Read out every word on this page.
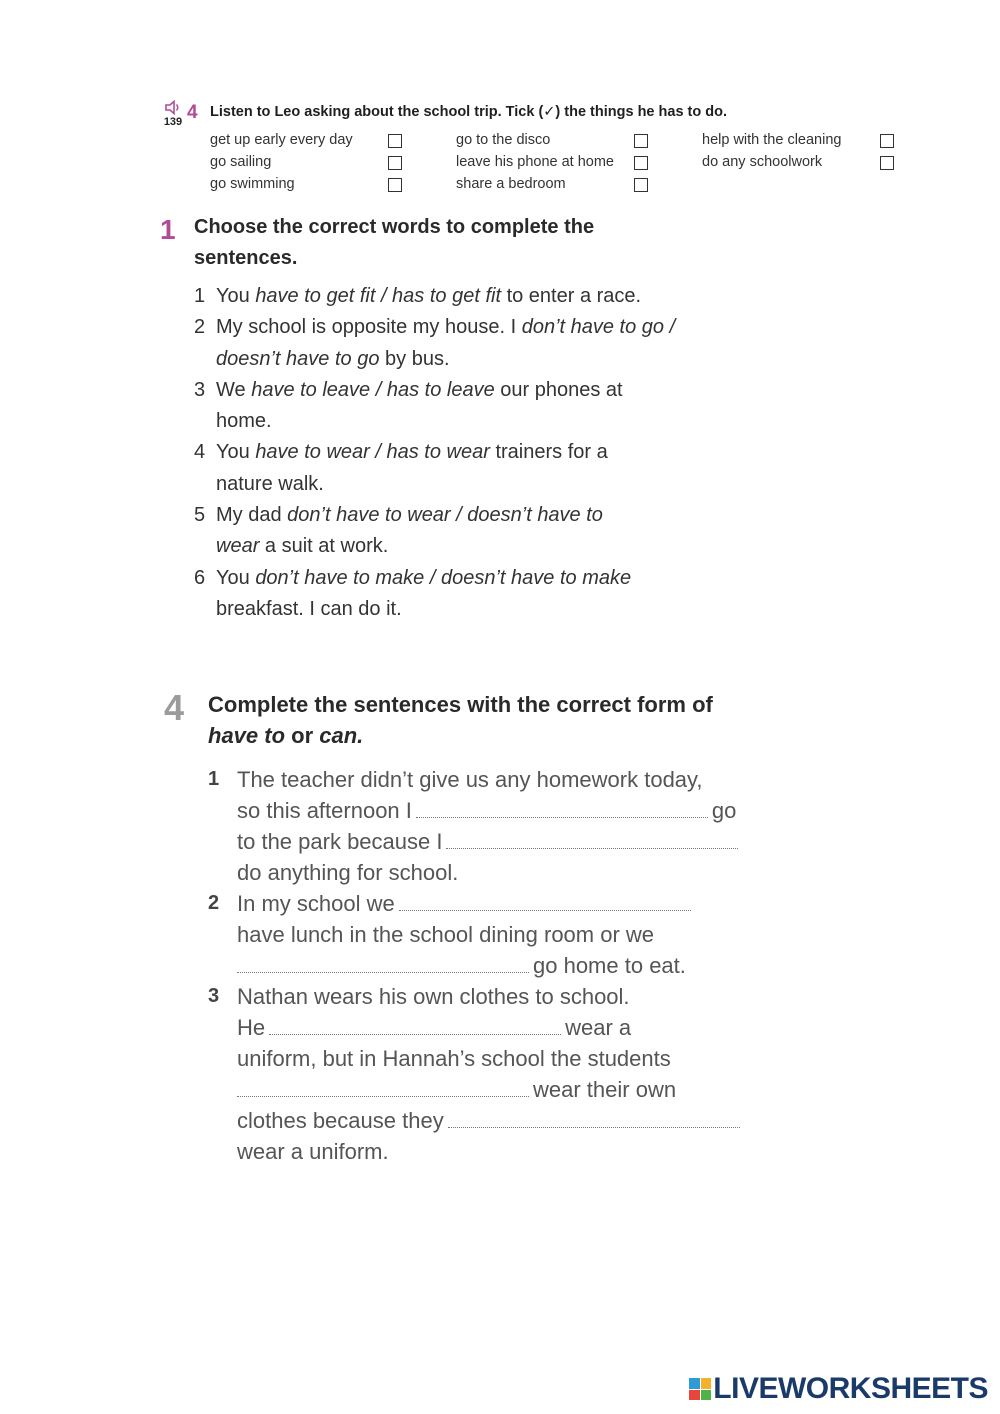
139 4 Listen to Leo asking about the school trip. Tick (✓) the things he has to do.
get up early every day	go to the disco	help with the cleaning
go sailing	leave his phone at home	do any schoolwork
go swimming	share a bedroom
1 Choose the correct words to complete the sentences.
1 You have to get fit / has to get fit to enter a race.
2 My school is opposite my house. I don’t have to go / doesn’t have to go by bus.
3 We have to leave / has to leave our phones at home.
4 You have to wear / has to wear trainers for a nature walk.
5 My dad don’t have to wear / doesn’t have to wear a suit at work.
6 You don’t have to make / doesn’t have to make breakfast. I can do it.
4 Complete the sentences with the correct form of have to or can.
1 The teacher didn’t give us any homework today,
so this afternoon I	go
to the park because I
do anything for school.
2 In my school we
have lunch in the school dining room or we
go home to eat.
3 Nathan wears his own clothes to school.
He	wear a
uniform, but in Hannah’s school the students
wear their own
clothes because they
wear a uniform.
LIVEWORKSHEETS
